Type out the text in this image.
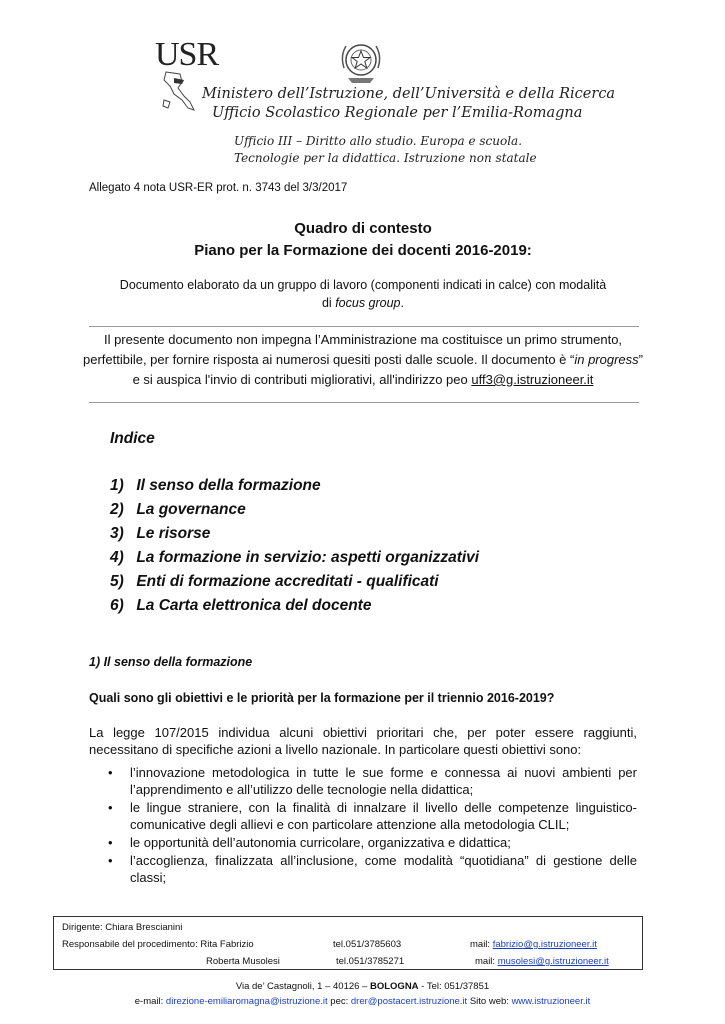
USR
Ministero dell’Istruzione, dell’Università e della Ricerca
Ufficio Scolastico Regionale per l’Emilia-Romagna
Ufficio III – Diritto allo studio. Europa e scuola.
Tecnologie per la didattica. Istruzione non statale
Allegato 4 nota USR-ER prot. n. 3743 del 3/3/2017
Quadro di contesto
Piano per la Formazione dei docenti 2016-2019:
Documento elaborato da un gruppo di lavoro (componenti indicati in calce) con modalità
di focus group.
Il presente documento non impegna l’Amministrazione ma costituisce un primo strumento, perfettibile, per fornire risposta ai numerosi quesiti posti dalle scuole. Il documento è “in progress” e si auspica l'invio di contributi migliorativi, all'indirizzo peo uff3@g.istruzioneer.it
Indice
1) Il senso della formazione
2) La governance
3) Le risorse
4) La formazione in servizio: aspetti organizzativi
5) Enti di formazione accreditati - qualificati
6) La Carta elettronica del docente
1) Il senso della formazione
Quali sono gli obiettivi e le priorità per la formazione per il triennio 2016-2019?
La legge 107/2015 individua alcuni obiettivi prioritari che, per poter essere raggiunti, necessitano di specifiche azioni a livello nazionale. In particolare questi obiettivi sono:
• l’innovazione metodologica in tutte le sue forme e connessa ai nuovi ambienti per l’apprendimento e all’utilizzo delle tecnologie nella didattica;
• le lingue straniere, con la finalità di innalzare il livello delle competenze linguistico-comunicative degli allievi e con particolare attenzione alla metodologia CLIL;
• le opportunità dell’autonomia curricolare, organizzativa e didattica;
• l’accoglienza, finalizzata all’inclusione, come modalità “quotidiana” di gestione delle classi;
Dirigente: Chiara Brescianini
Responsabile del procedimento: Rita Fabrizio
Roberta Musolesi
tel.051/3785603
tel.051/3785271
mail: fabrizio@g.istruzioneer.it
mail: musolesi@g.istruzioneer.it
Via de’ Castagnoli, 1 – 40126 – BOLOGNA - Tel: 051/37851
e-mail: direzione-emiliaromagna@istruzione.it pec: drer@postacert.istruzione.it Sito web: www.istruzioneer.it
